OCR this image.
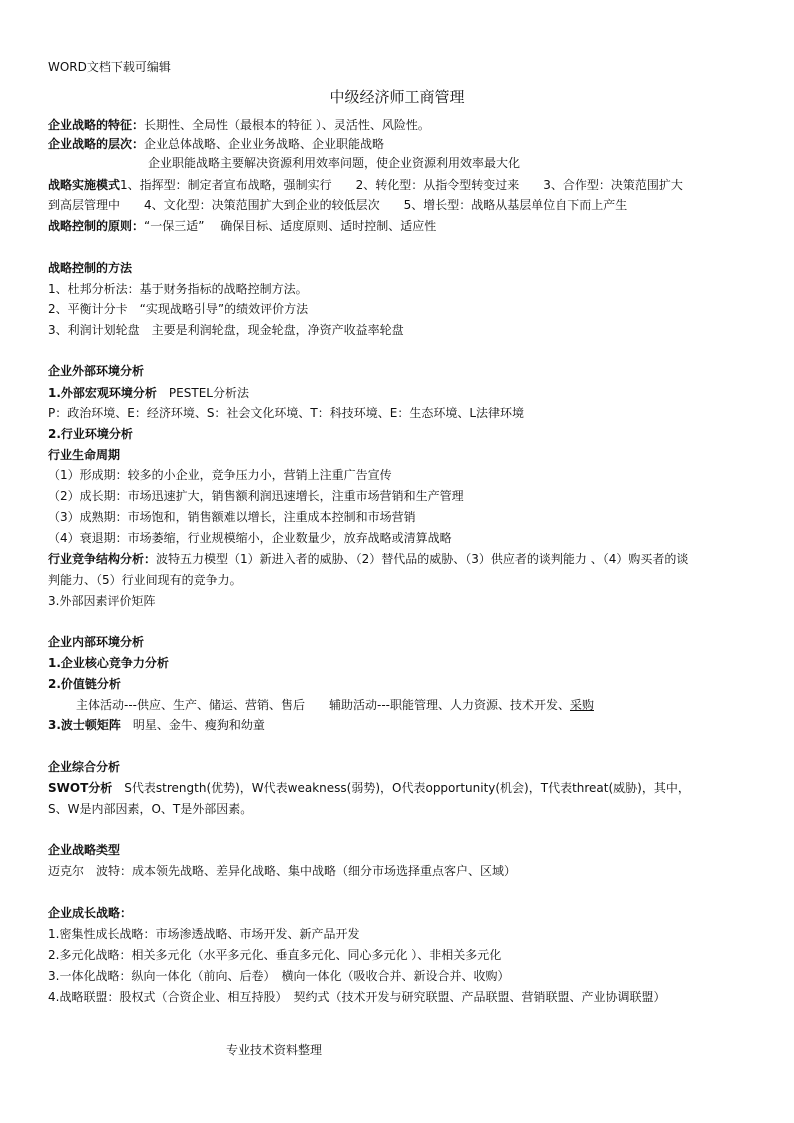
WORD文档下载可编辑
中级经济师工商管理
企业战略的特征：长期性、全局性（最根本的特征 ）、灵活性、风险性。
企业战略的层次：企业总体战略、企业业务战略、企业职能战略
企业职能战略主要解决资源利用效率问题，使企业资源利用效率最大化
战略实施模式1、指挥型：制定者宣布战略，强制实行　　2、转化型：从指令型转变过来　　3、合作型：决策范围扩大
到高层管理中　　4、文化型：决策范围扩大到企业的较低层次　　5、增长型：战略从基层单位自下而上产生
战略控制的原则：“一保三适”　 确保目标、适度原则、适时控制、适应性
战略控制的方法
1、杜邦分析法：基于财务指标的战略控制方法。
2、平衡计分卡　“实现战略引导”的绩效评价方法
3、利润计划轮盘　主要是利润轮盘，现金轮盘，净资产收益率轮盘
企业外部环境分析
1.外部宏观环境分析　PESTEL分析法
P：政治环境、E：经济环境、S：社会文化环境、T：科技环境、E：生态环境、L法律环境
2.行业环境分析
行业生命周期
（1）形成期：较多的小企业，竞争压力小，营销上注重广告宣传
（2）成长期：市场迅速扩大，销售额利润迅速增长，注重市场营销和生产管理
（3）成熟期：市场饱和，销售额难以增长，注重成本控制和市场营销
（4）衰退期：市场萎缩，行业规模缩小，企业数量少，放弃战略或清算战略
行业竞争结构分析：波特五力模型（1）新进入者的威胁、（2）替代品的威胁、（3）供应者的谈判能力 、（4）购买者的谈
判能力、（5）行业间现有的竞争力。
3.外部因素评价矩阵
企业内部环境分析
1.企业核心竞争力分析
2.价值链分析
主体活动---供应、生产、储运、营销、售后　　辅助活动---职能管理、人力资源、技术开发、采购
3.波士顿矩阵　明星、金牛、瘦狗和幼童
企业综合分析
SWOT分析　S代表strength(优势)，W代表weakness(弱势)，O代表opportunity(机会)，T代表threat(威胁)，其中，
S、W是内部因素，O、T是外部因素。
企业战略类型
迈克尔　波特：成本领先战略、差异化战略、集中战略（细分市场选择重点客户、区域）
企业成长战略：
1.密集性成长战略：市场渗透战略、市场开发、新产品开发
2.多元化战略：相关多元化（水平多元化、垂直多元化、同心多元化 ）、非相关多元化
3.一体化战略：纵向一体化（前向、后卷）　横向一体化（吸收合并、新设合并、收购）
4.战略联盟：股权式（合资企业、相互持股）　契约式（技术开发与研究联盟、产品联盟、营销联盟、产业协调联盟）
专业技术资料整理
